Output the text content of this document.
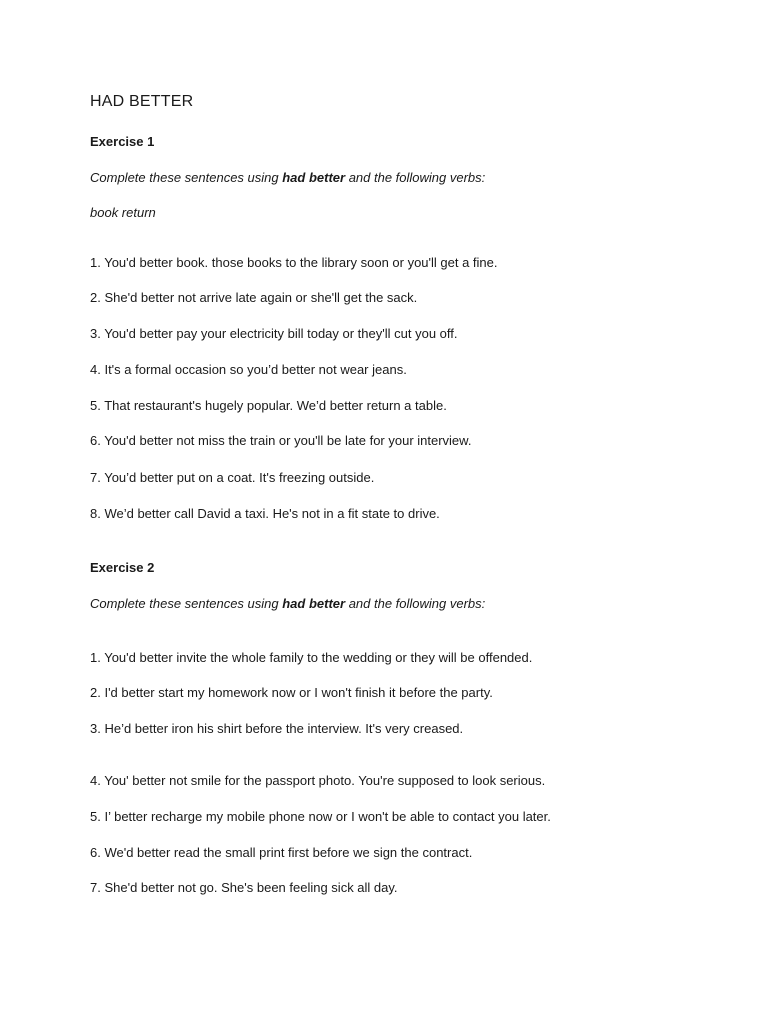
HAD BETTER
Exercise 1

Complete these sentences using had better and the following verbs:

book return

1. You'd better book. those books to the library soon or you'll get a fine.

2. She'd better not arrive late again or she'll get the sack.

3. You'd better pay your electricity bill today or they'll cut you off.

4. It's a formal occasion so you’d better not wear jeans.

5. That restaurant's hugely popular. We’d better return a table.

6. You'd better not miss the train or you'll be late for your interview.

7. You’d better put on a coat. It's freezing outside.

8. We’d better call David a taxi. He's not in a fit state to drive.

Exercise 2

Complete these sentences using had better and the following verbs:

1. You'd better invite the whole family to the wedding or they will be offended.

2. I'd better start my homework now or I won't finish it before the party.

3. He’d better iron his shirt before the interview. It's very creased.

4. You' better not smile for the passport photo. You're supposed to look serious.

5. I’ better recharge my mobile phone now or I won't be able to contact you later.

6. We'd better read the small print first before we sign the contract.

7. She'd better not go. She's been feeling sick all day.
